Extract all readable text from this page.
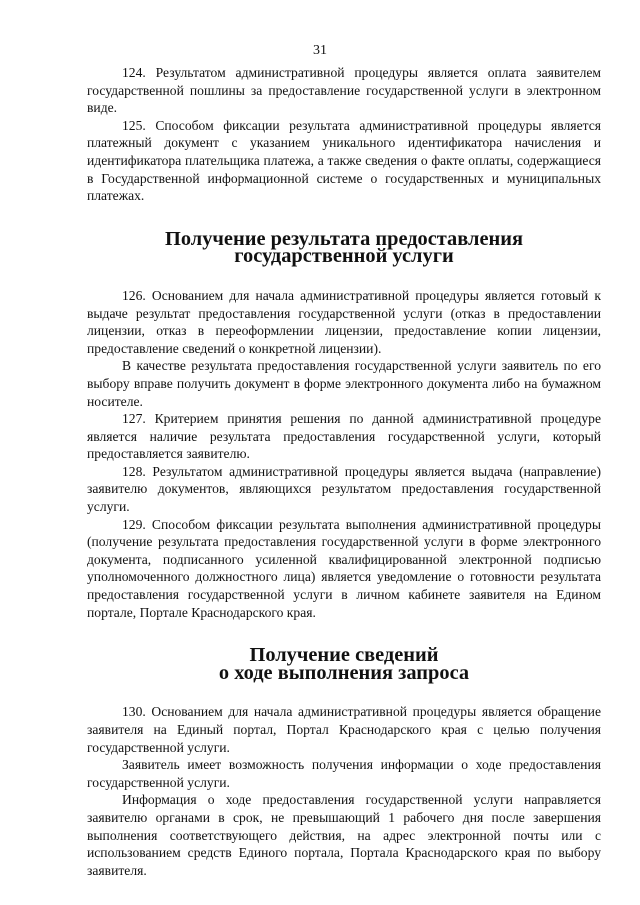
31

124. Результатом административной процедуры является оплата заявителем государственной пошлины за предоставление государственной услуги в электронном виде.

125. Способом фиксации результата административной процедуры является платежный документ с указанием уникального идентификатора начисления и идентификатора плательщика платежа, а также сведения о факте оплаты, содержащиеся в Государственной информационной системе о государственных и муниципальных платежах.

Получение результата предоставления
государственной услуги

126. Основанием для начала административной процедуры является готовый к выдаче результат предоставления государственной услуги (отказ в предоставлении лицензии, отказ в переоформлении лицензии, предоставление копии лицензии, предоставление сведений о конкретной лицензии).

В качестве результата предоставления государственной услуги заявитель по его выбору вправе получить документ в форме электронного документа либо на бумажном носителе.

127. Критерием принятия решения по данной административной процедуре является наличие результата предоставления государственной услуги, который предоставляется заявителю.

128. Результатом административной процедуры является выдача (направление) заявителю документов, являющихся результатом предоставления государственной услуги.

129. Способом фиксации результата выполнения административной процедуры (получение результата предоставления государственной услуги в форме электронного документа, подписанного усиленной квалифицированной электронной подписью уполномоченного должностного лица) является уведомление о готовности результата предоставления государственной услуги в личном кабинете заявителя на Едином портале, Портале Краснодарского края.

Получение сведений
о ходе выполнения запроса

130. Основанием для начала административной процедуры является обращение заявителя на Единый портал, Портал Краснодарского края с целью получения государственной услуги.

Заявитель имеет возможность получения информации о ходе предоставления государственной услуги.

Информация о ходе предоставления государственной услуги направляется заявителю органами в срок, не превышающий 1 рабочего дня после завершения выполнения соответствующего действия, на адрес электронной почты или с использованием средств Единого портала, Портала Краснодарского края по выбору заявителя.
